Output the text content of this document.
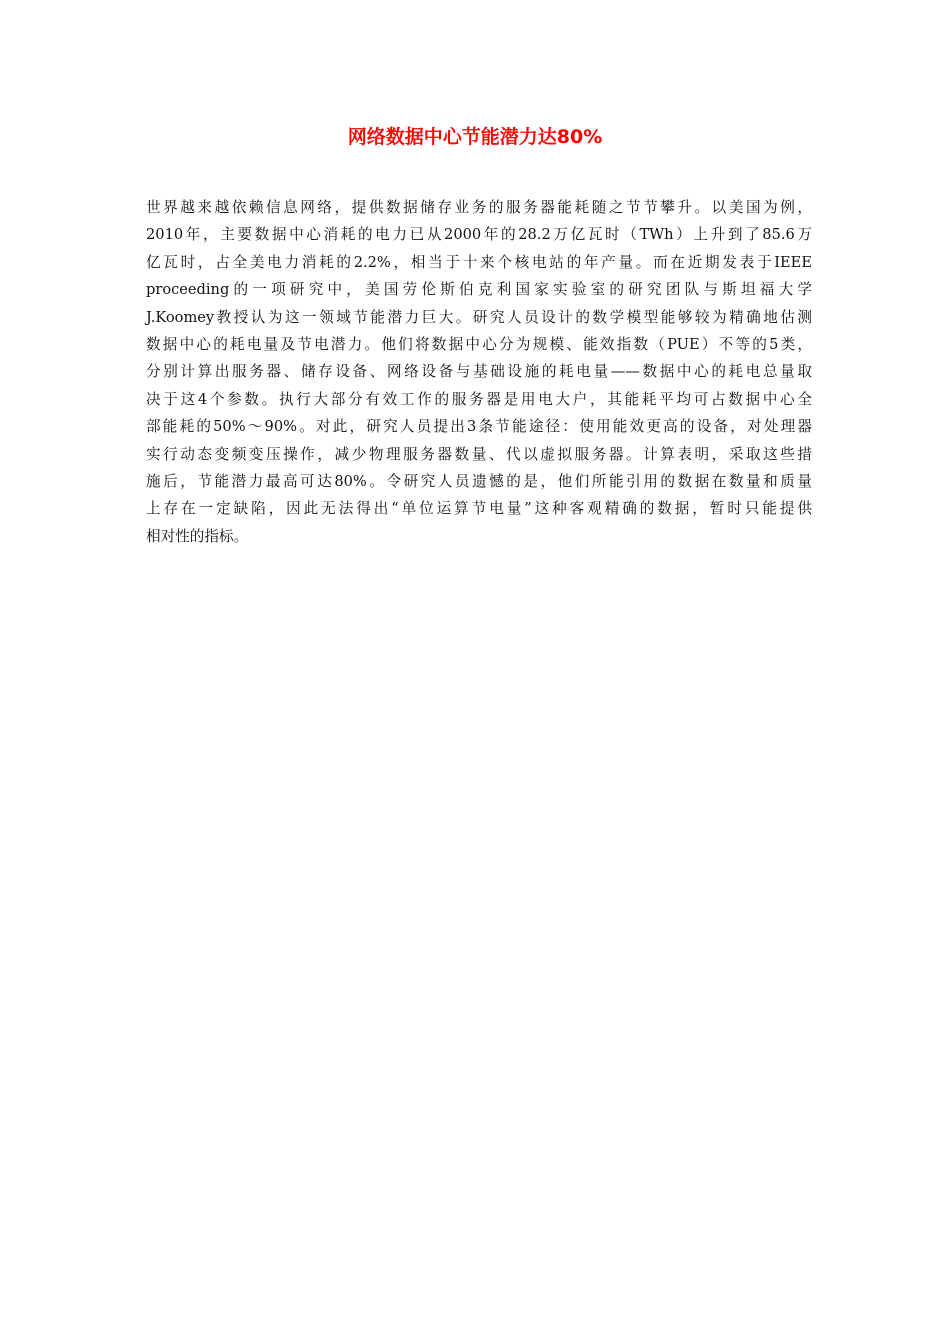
网络数据中心节能潜力达80%
世界越来越依赖信息网络，提供数据储存业务的服务器能耗随之节节攀升。以美国为例，
2010年，主要数据中心消耗的电力已从2000年的28.2万亿瓦时（TWh）上升到了85.6万
亿瓦时，占全美电力消耗的2.2%，相当于十来个核电站的年产量。而在近期发表于IEEE
proceeding的一项研究中，美国劳伦斯伯克利国家实验室的研究团队与斯坦福大学
J.Koomey教授认为这一领域节能潜力巨大。研究人员设计的数学模型能够较为精确地估测
数据中心的耗电量及节电潜力。他们将数据中心分为规模、能效指数（PUE）不等的5类，
分别计算出服务器、储存设备、网络设备与基础设施的耗电量——数据中心的耗电总量取
决于这4个参数。执行大部分有效工作的服务器是用电大户，其能耗平均可占数据中心全
部能耗的50%～90%。对此，研究人员提出3条节能途径：使用能效更高的设备，对处理器
实行动态变频变压操作，减少物理服务器数量、代以虚拟服务器。计算表明，采取这些措
施后，节能潜力最高可达80%。令研究人员遗憾的是，他们所能引用的数据在数量和质量
上存在一定缺陷，因此无法得出“单位运算节电量”这种客观精确的数据，暂时只能提供
相对性的指标。
